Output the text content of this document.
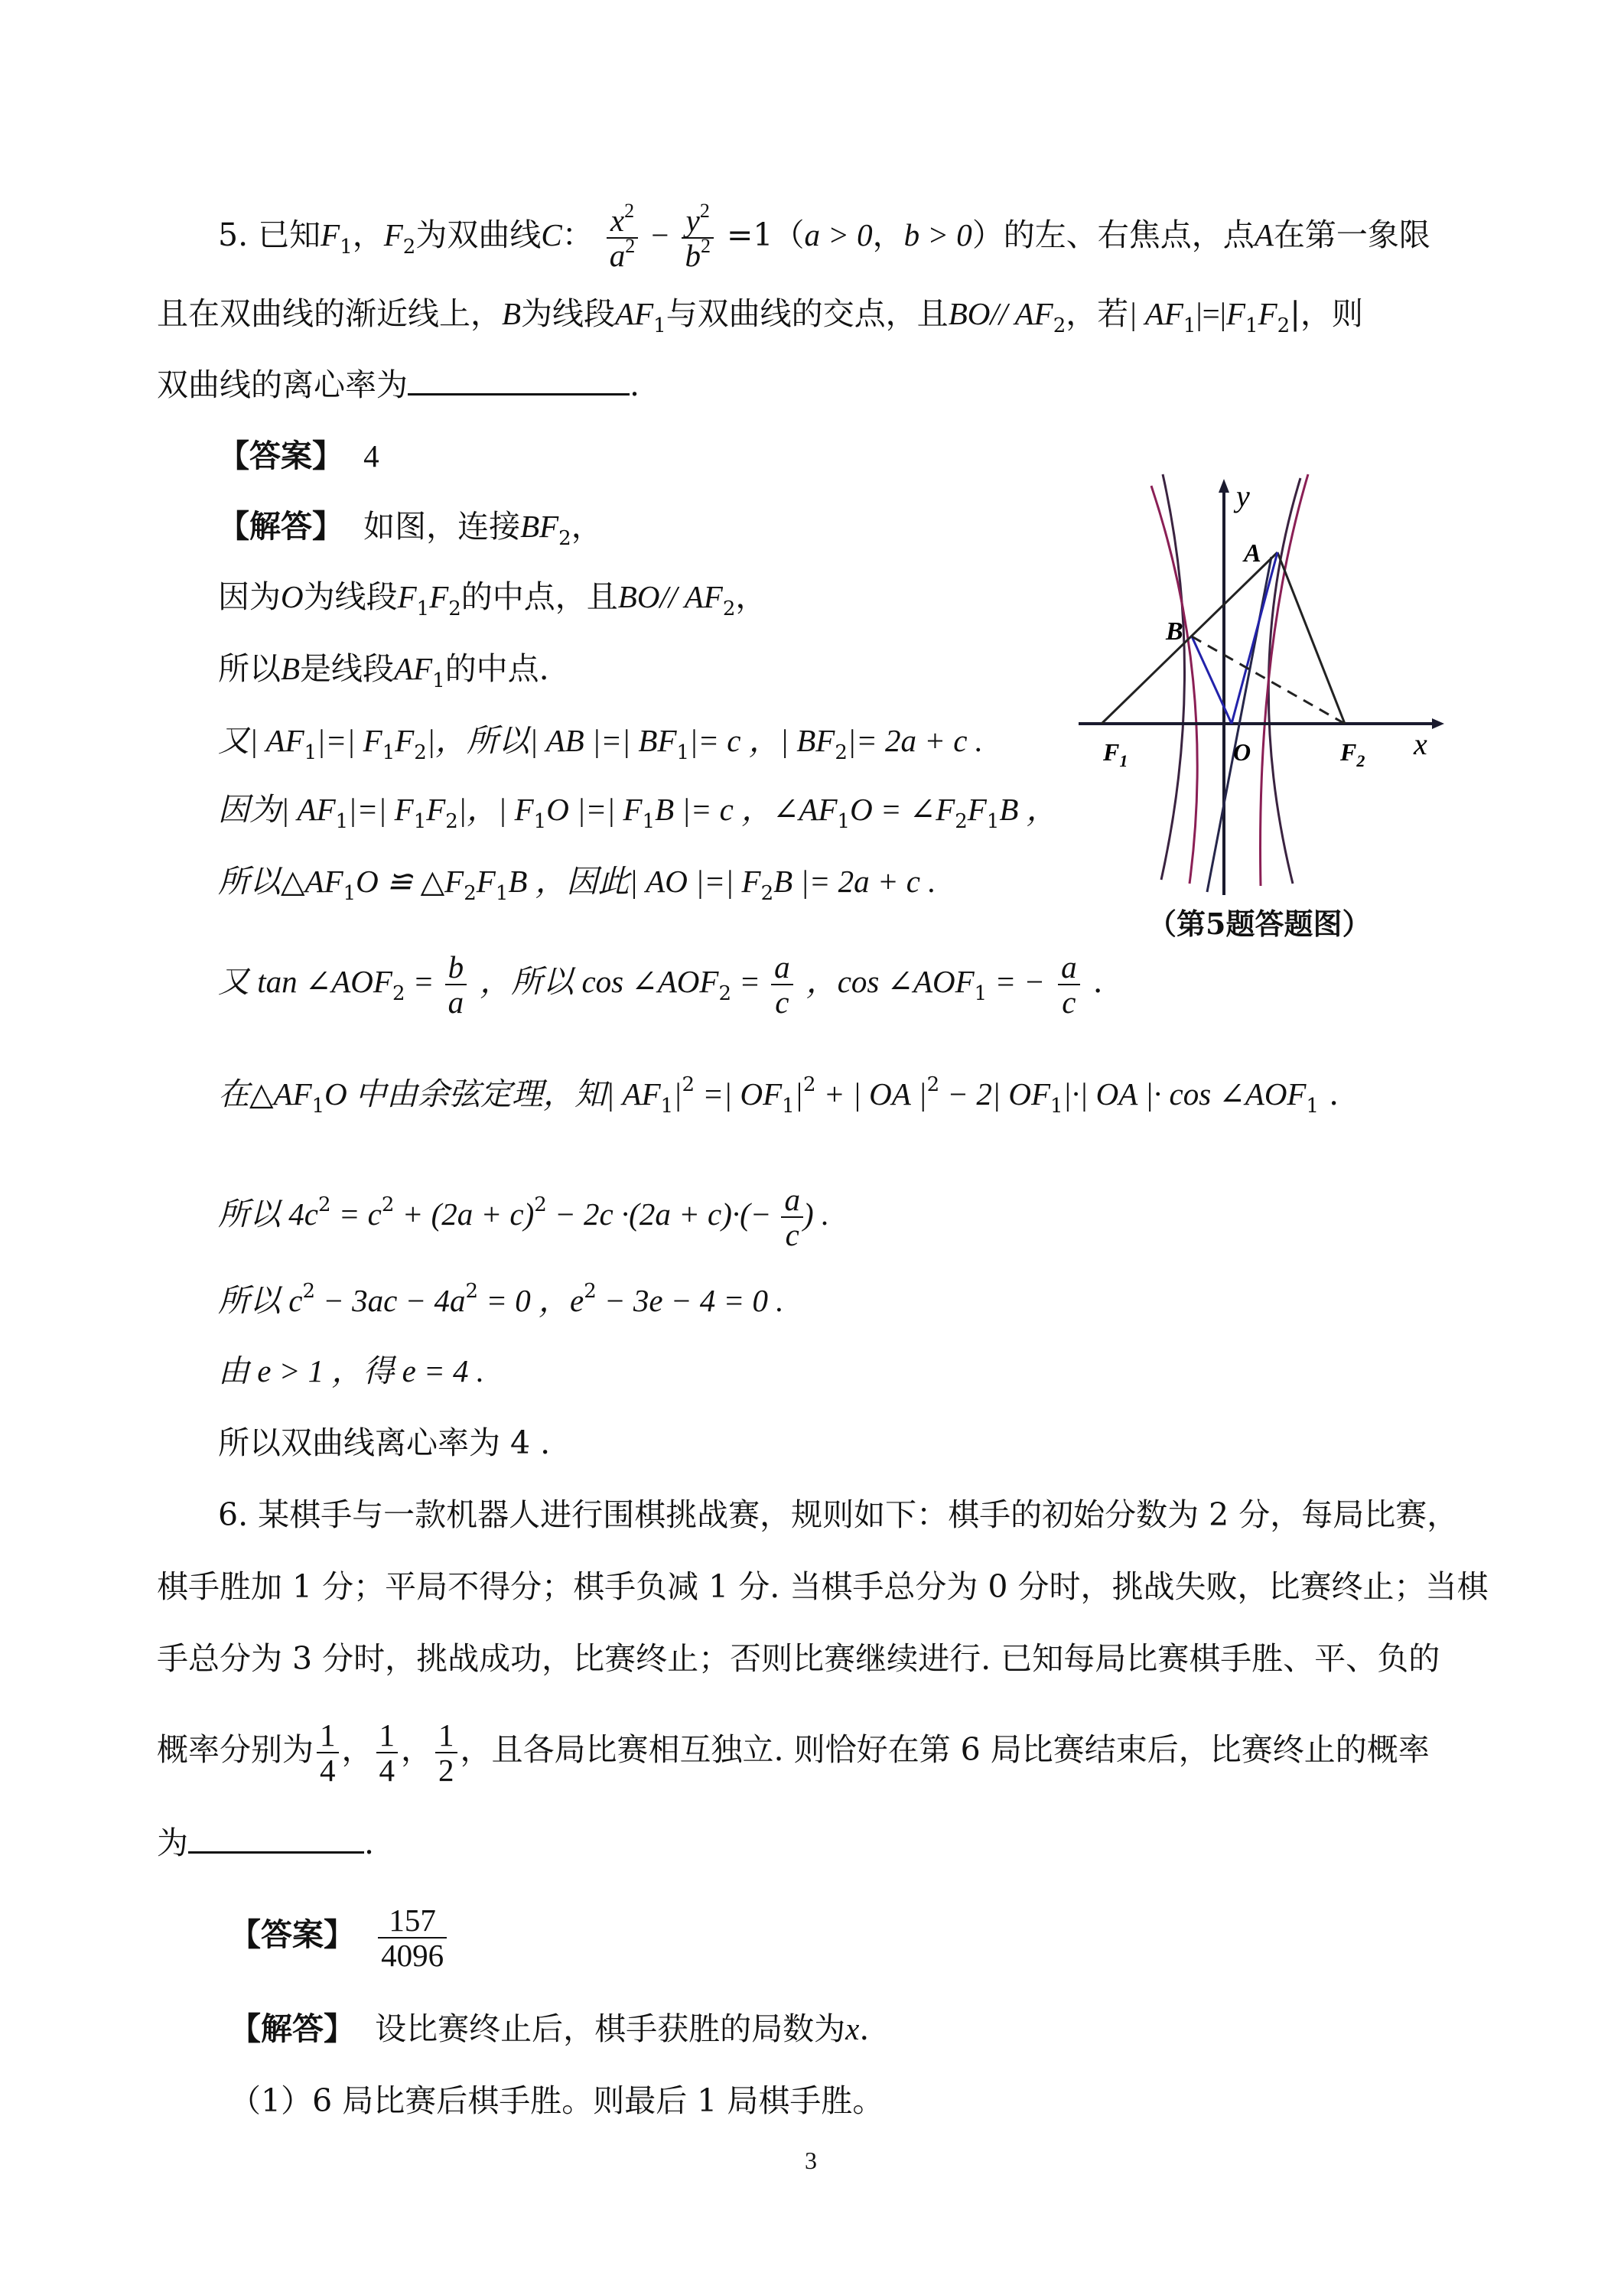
5. 已知$F_1$，$F_2$为双曲线C： $\frac{x^2}{a^2} - \frac{y^2}{b^2} =1(a > 0$，b > 0）的左、右焦点，点A在第一象限
且在双曲线的渐近线上，B为线段$AF_1$与双曲线的交点，且BO// $AF_2$，若| $AF_1|=|F_1F_2|$，则
双曲线的离心率为	.
【答案】 4
【解答】 如图，连接$BF_2$，
因为O为线段$F_1F_2$的中点，且BO// $AF_2$，
所以B是线段$AF_1$的中点.
又| $AF_1|=|$ $F_1F_2|$，所以| AB |=| $BF_1|= c$ ，| $BF_2|= 2a + c$ .
因为| $AF_1|=|$ $F_1F_2|$，| $F_1O$ |=| $F_1B$ |= c ，$\angle AF_1O$ = $\angle F_2F_1B$ ，
所以$\triangle AF_1O$ ≌ $\triangle F_2F_1B$ ，因此| AO |=| $F_2B$ |= 2a + c .
又 $\tan \angle AOF_2 = \frac{b}{a}$ ，所以 $\cos \angle AOF_2 = \frac{a}{c}$ ，$\cos \angle AOF_1$ = − $\frac{a}{c}$ .
在$\triangle AF_1O$ 中由余弦定理，知| $AF_1|^2$ =| $OF_1|^2$ + | OA $|^2 - 2|$ $OF_1|\cdot|$ OA |· $\cos \angle AOF_1$ .
所以 $4c^2 = c^2 + (2a + c)^2 - 2c \cdot(2a + c)\cdot(- \frac{a}{c}$ ) .
所以 $c^2 - 3ac - 4a^2 = 0$ ，$e^2 - 3e - 4 = 0$ .
由 e > 1 ，得 e = 4 .
所以双曲线离心率为 4 .
y
x
A
B
O
$F_1$	$F_2$
（第5题答题图）
6. 某棋手与一款机器人进行围棋挑战赛，规则如下：棋手的初始分数为 2 分，每局比赛，
棋手胜加 1 分；平局不得分；棋手负减 1 分. 当棋手总分为 0 分时，挑战失败，比赛终止；当棋
手总分为 3 分时，挑战成功，比赛终止；否则比赛继续进行. 已知每局比赛棋手胜、平、负的
概率分别为 $\frac{1}{4}$ ， $\frac{1}{4}$ ， $\frac{1}{2}$ ，且各局比赛相互独立. 则恰好在第 6 局比赛结束后，比赛终止的概率
为	.
【答案】 $\frac{157}{4096}$
【解答】 设比赛终止后，棋手获胜的局数为x.
（1）6 局比赛后棋手胜。则最后 1 局棋手胜。
3
